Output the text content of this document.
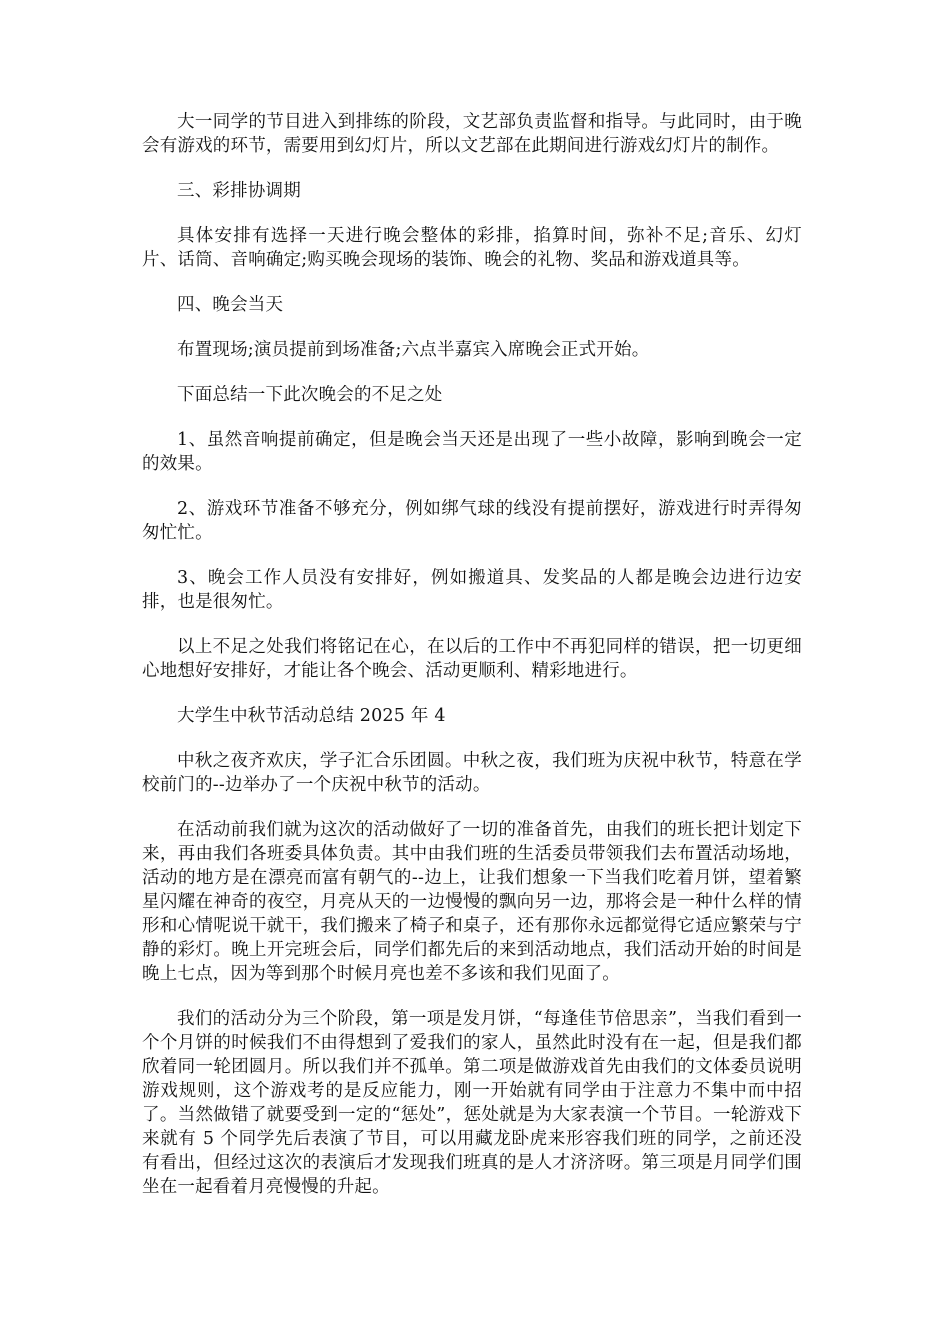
大一同学的节目进入到排练的阶段，文艺部负责监督和指导。与此同时，由于晚会有游戏的环节，需要用到幻灯片，所以文艺部在此期间进行游戏幻灯片的制作。

三、彩排协调期

具体安排有选择一天进行晚会整体的彩排，掐算时间，弥补不足;音乐、幻灯片、话筒、音响确定;购买晚会现场的装饰、晚会的礼物、奖品和游戏道具等。

四、晚会当天

布置现场;演员提前到场准备;六点半嘉宾入席晚会正式开始。

下面总结一下此次晚会的不足之处

1、虽然音响提前确定，但是晚会当天还是出现了一些小故障，影响到晚会一定的效果。

2、游戏环节准备不够充分，例如绑气球的线没有提前摆好，游戏进行时弄得匆匆忙忙。

3、晚会工作人员没有安排好，例如搬道具、发奖品的人都是晚会边进行边安排，也是很匆忙。

以上不足之处我们将铭记在心，在以后的工作中不再犯同样的错误，把一切更细心地想好安排好，才能让各个晚会、活动更顺利、精彩地进行。

大学生中秋节活动总结 2025 年 4

中秋之夜齐欢庆，学子汇合乐团圆。中秋之夜，我们班为庆祝中秋节，特意在学校前门的--边举办了一个庆祝中秋节的活动。

在活动前我们就为这次的活动做好了一切的准备首先，由我们的班长把计划定下来，再由我们各班委具体负责。其中由我们班的生活委员带领我们去布置活动场地，活动的地方是在漂亮而富有朝气的--边上，让我们想象一下当我们吃着月饼，望着繁星闪耀在神奇的夜空，月亮从天的一边慢慢的飘向另一边，那将会是一种什么样的情形和心情呢说干就干，我们搬来了椅子和桌子，还有那你永远都觉得它适应繁荣与宁静的彩灯。晚上开完班会后，同学们都先后的来到活动地点，我们活动开始的时间是晚上七点，因为等到那个时候月亮也差不多该和我们见面了。

我们的活动分为三个阶段，第一项是发月饼，“每逢佳节倍思亲”，当我们看到一个个月饼的时候我们不由得想到了爱我们的家人，虽然此时没有在一起，但是我们都欣着同一轮团圆月。所以我们并不孤单。第二项是做游戏首先由我们的文体委员说明游戏规则，这个游戏考的是反应能力，刚一开始就有同学由于注意力不集中而中招了。当然做错了就要受到一定的“惩处”，惩处就是为大家表演一个节目。一轮游戏下来就有 5 个同学先后表演了节目，可以用藏龙卧虎来形容我们班的同学，之前还没有看出，但经过这次的表演后才发现我们班真的是人才济济呀。第三项是月同学们围坐在一起看着月亮慢慢的升起。
